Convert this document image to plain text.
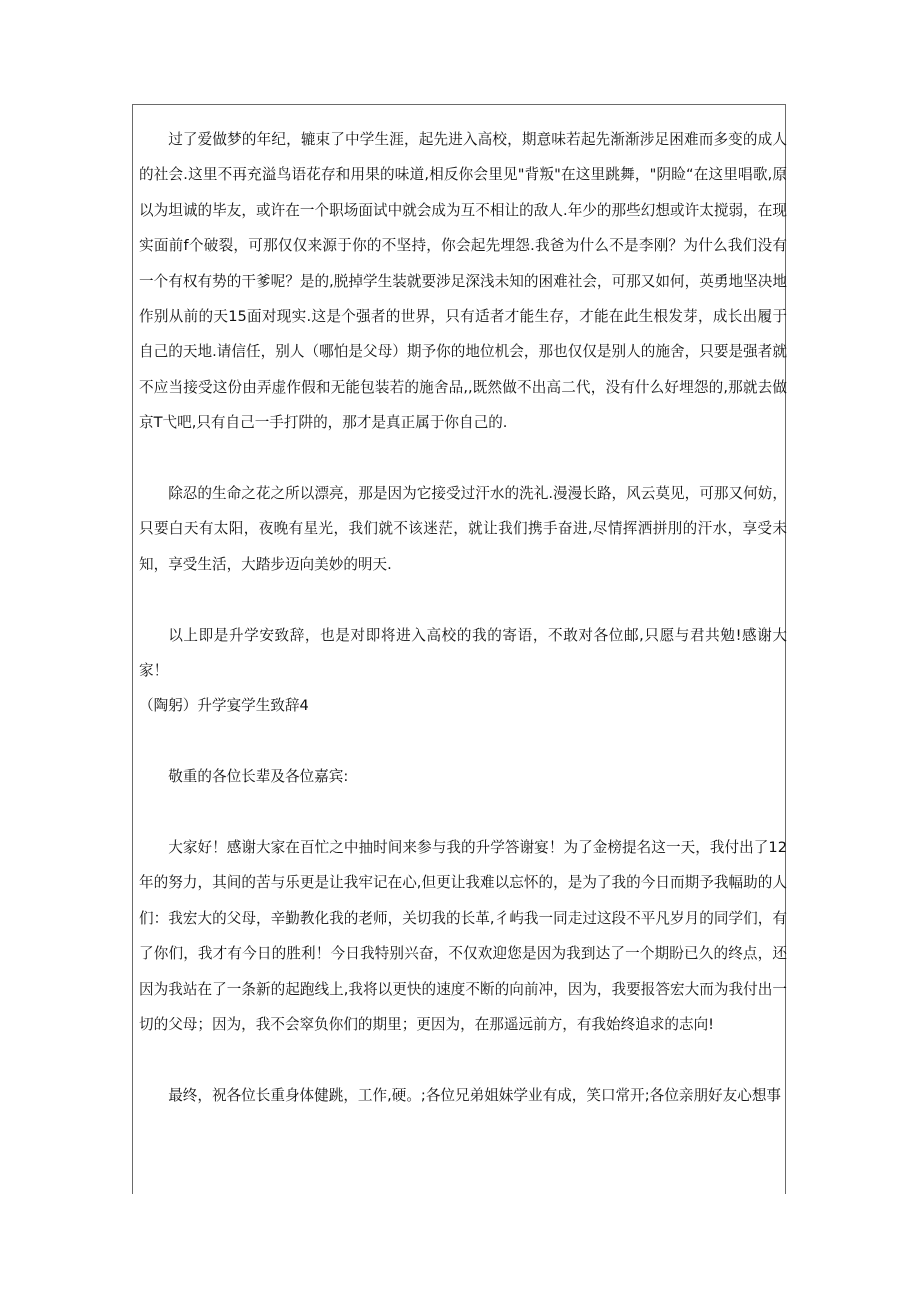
过了爱做梦的年纪，辘束了中学生涯，起先进入高校，期意味若起先渐渐涉足困难而多变的成人的社会.这里不再充溢鸟语花存和用果的味道,相反你会里见"背叛"在这里跳舞，"阴睑“在这里唱歌,原以为坦诚的毕友，或许在一个职场面试中就会成为互不相让的敌人.年少的那些幻想或许太搅弱，在现实面前f个破裂，可那仅仅来源于你的不坚持，你会起先埋怨.我爸为什么不是李刚？为什么我们没有一个有权有势的干爹呢？是的,脱掉学生装就要涉足深浅未知的困难社会，可那又如何，英勇地坚决地作别从前的天15面对现实.这是个强者的世界，只有适者才能生存，才能在此生根发芽，成长出履于自己的天地.请信任，别人（哪怕是父母）期予你的地位机会，那也仅仅是别人的施舍，只要是强者就不应当接受这份由弄虚作假和无能包装若的施舍品,,既然做不出高二代，没有什么好埋怨的,那就去做京T弋吧,只有自己一手打阱的，那才是真正属于你自己的.

除忍的生命之花之所以漂亮，那是因为它接受过汗水的洗礼.漫漫长路，风云莫见，可那又何妨，只要白天有太阳，夜晚有星光，我们就不该迷茫，就让我们携手奋进,尽情挥洒拼刖的汗水，享受未知，享受生活，大踏步迈向美妙的明天.

以上即是升学安致辞，也是对即将进入高校的我的寄语，不敢对各位邮,只愿与君共勉!感谢大家！

（陶躬）升学宴学生致辞4

敬重的各位长辈及各位嘉宾:

大家好！感谢大家在百忙之中抽时间来参与我的升学答谢宴！为了金榜提名这一天，我付出了12年的努力，其间的苦与乐更是让我牢记在心,但更让我难以忘怀的，是为了我的今日而期予我幅助的人们：我宏大的父母，辛勤教化我的老师，关切我的长革,彳屿我一同走过这段不平凡岁月的同学们，有了你们，我才有今日的胜利！今日我特别兴奋，不仅欢迎您是因为我到达了一个期盼已久的终点，还因为我站在了一条新的起跑线上,我将以更快的速度不断的向前冲，因为，我要报答宏大而为我付出一切的父母；因为，我不会窣负你们的期里；更因为，在那遥远前方，有我始终追求的志向!

最终，祝各位长重身体健跳，工作,硬。;各位兄弟姐妹学业有成，笑口常开;各位亲朋好友心想事
